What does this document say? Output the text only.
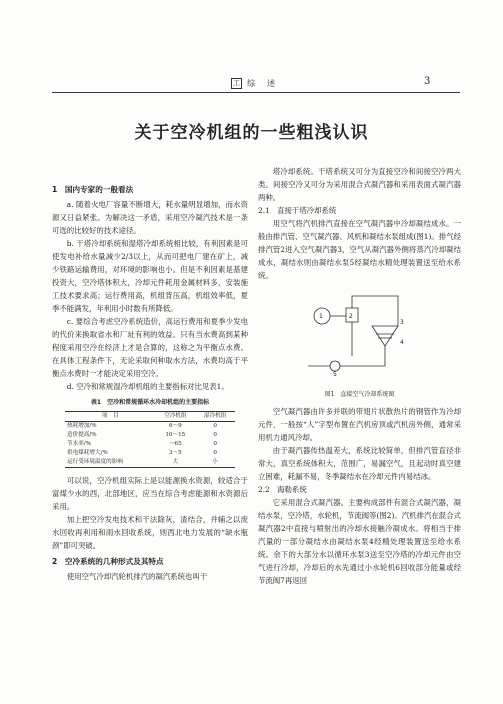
工 综　述	3
关于空冷机组的一些粗浅认识
1　国内专家的一般看法

a. 随着火电厂容量不断增大，耗水量明显增加，而水资源又日益紧张。为解决这一矛盾，采用空冷凝汽技术是一条可选的比较好的技术途径。

b. 干塔冷却系统和湿塔冷却系统相比较，有利因素是可使发电补给水量减少2/3以上，从而可把电厂建在矿上，减少铁路运输费用，对环境的影响也小。但是不利因素是基建投资大，空冷塔体积大，冷却元件耗用金属材料多，安装施工技术要求高；运行费用高，机组背压高，机组效率低，夏季不能满发，年利用小时数有所降低。

c. 要综合考虑空冷系统造价，高运行费用和夏季少发电的代价来换取省水和厂址有利的效益。只有当水费高到某种程度采用空冷在经济上才是合算的，这称之为平衡点水费。在具体工程条件下，无论采取何种取水方法，水费均高于平衡点水费时一才能决定采用空冷。

d. 空冷和常规湿冷却机组的主要指标对比见表1。

表1　空冷和常规循环水冷却机组的主要指标
项　目	空冷机组	湿冷机组
热耗增加/%	6～9	0
造价提高/%	10～15	0
节水率/%	～65	0
供电煤耗增大/%	3～5	0
运行受环境温度的影响	大	小

可以说，空冷机组实际上是以能源换水资源，较适合于富煤少水的西，北部地区，应当在综合考虑能源和水资源后采用。

加上把空冷发电技术和干法除灰，渣结合，并辅之以废水回收再利用和雨水回收系统，则西北电力发展的“缺水瓶颈”即可突破。

2　空冷系统的几种形式及其特点

使用空气冷却汽轮机排汽的凝汽系统也叫干

塔冷却系统。干塔系统又可分为直接空冷和间接空冷两大类。间接空冷又可分为采用混合式凝汽器和采用表面式凝汽器两种。

2.1　直接干塔冷却系统

用空气将汽机排汽直接在空气凝汽器中冷却凝结成水。一般由排汽管、空气凝汽器、风机和凝结水泵组成(图1)。排气经排汽管2进入空气凝汽器3，空气从凝汽器外侧将蒸汽冷却凝结成水，凝结水则由凝结水泵5经凝结水精处理装置送至给水系统。

1	2
3
4
5
图1　直接空气冷却系统图

空气凝汽器由许多并联的带翅片状散热片的钢管作为冷却元件，一般按“人”字型布置在汽机房顶或汽机房外侧，通常采用机力通风冷却。

由于凝汽器传热温差大，系统比较简单，但排汽管直径非常大，真空系统体积大，范围广，易漏空气，且起动时真空建立困难，耗漏不易，冬季凝结水在冷却元件内易结冰。

2.2　海勒系统

它采用混合式凝汽器。主要构成部件有混合式凝汽器，凝结水泵，空冷塔，水轮机，节流阀等(图2)。汽机排汽在混合式凝汽器2中直接与喷射出的冷却水接触冷凝成水。将相当于排汽量的一部分凝结水由凝结水泵4经精处理装置送至给水系统。余下的大部分水以循环水泵3送至空冷塔的冷却元件由空气进行冷却，冷却后的水先通过小水轮机6回收部分能量或经节流阀7再返回
